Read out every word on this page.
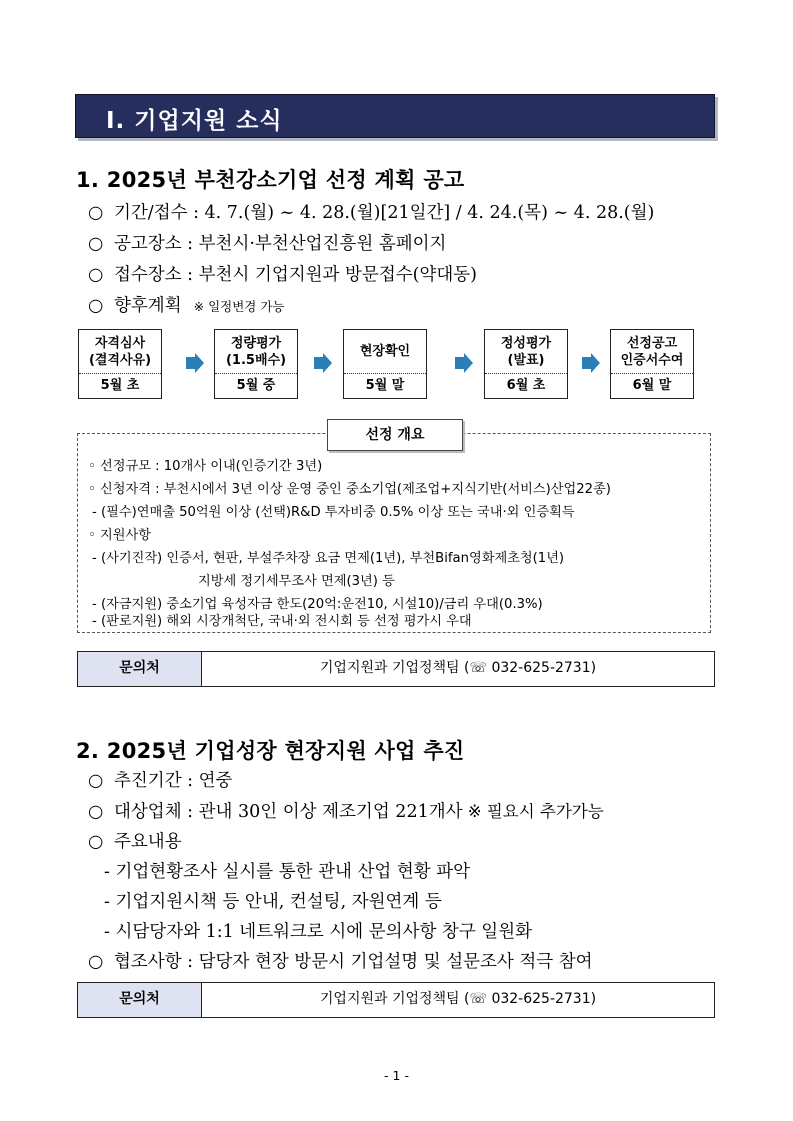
Ⅰ. 기업지원 소식
1. 2025년 부천강소기업 선정 계획 공고
○ 기간/접수 : 4. 7.(월) ~ 4. 28.(월)[21일간] / 4. 24.(목) ~ 4. 28.(월)
○ 공고장소 : 부천시·부천산업진흥원 홈페이지
○ 접수장소 : 부천시 기업지원과 방문접수(약대동)
○ 향후계획 ※ 일정변경 가능
자격심사
(결격사유)
5월 초
정량평가
(1.5배수)
5월 중
현장확인
5월 말
정성평가
(발표)
6월 초
선정공고
인증서수여
6월 말
선정 개요
◦ 선정규모 : 10개사 이내(인증기간 3년)
◦ 신청자격 : 부천시에서 3년 이상 운영 중인 중소기업(제조업+지식기반(서비스)산업22종)
- (필수)연매출 50억원 이상 (선택)R&D 투자비중 0.5% 이상 또는 국내·외 인증획득
◦ 지원사항
- (사기진작) 인증서, 현판, 부설주차장 요금 면제(1년), 부천Bifan영화제초청(1년)
지방세 정기세무조사 면제(3년) 등
- (자금지원) 중소기업 육성자금 한도(20억:운전10, 시설10)/금리 우대(0.3%)
- (판로지원) 해외 시장개척단, 국내·외 전시회 등 선정 평가시 우대
문의처	기업지원과 기업정책팀 (☏ 032-625-2731)
2. 2025년 기업성장 현장지원 사업 추진
○ 추진기간 : 연중
○ 대상업체 : 관내 30인 이상 제조기업 221개사 ※ 필요시 추가가능
○ 주요내용
- 기업현황조사 실시를 통한 관내 산업 현황 파악
- 기업지원시책 등 안내, 컨설팅, 자원연계 등
- 시담당자와 1:1 네트워크로 시에 문의사항 창구 일원화
○ 협조사항 : 담당자 현장 방문시 기업설명 및 설문조사 적극 참여
문의처	기업지원과 기업정책팀 (☏ 032-625-2731)
- 1 -
